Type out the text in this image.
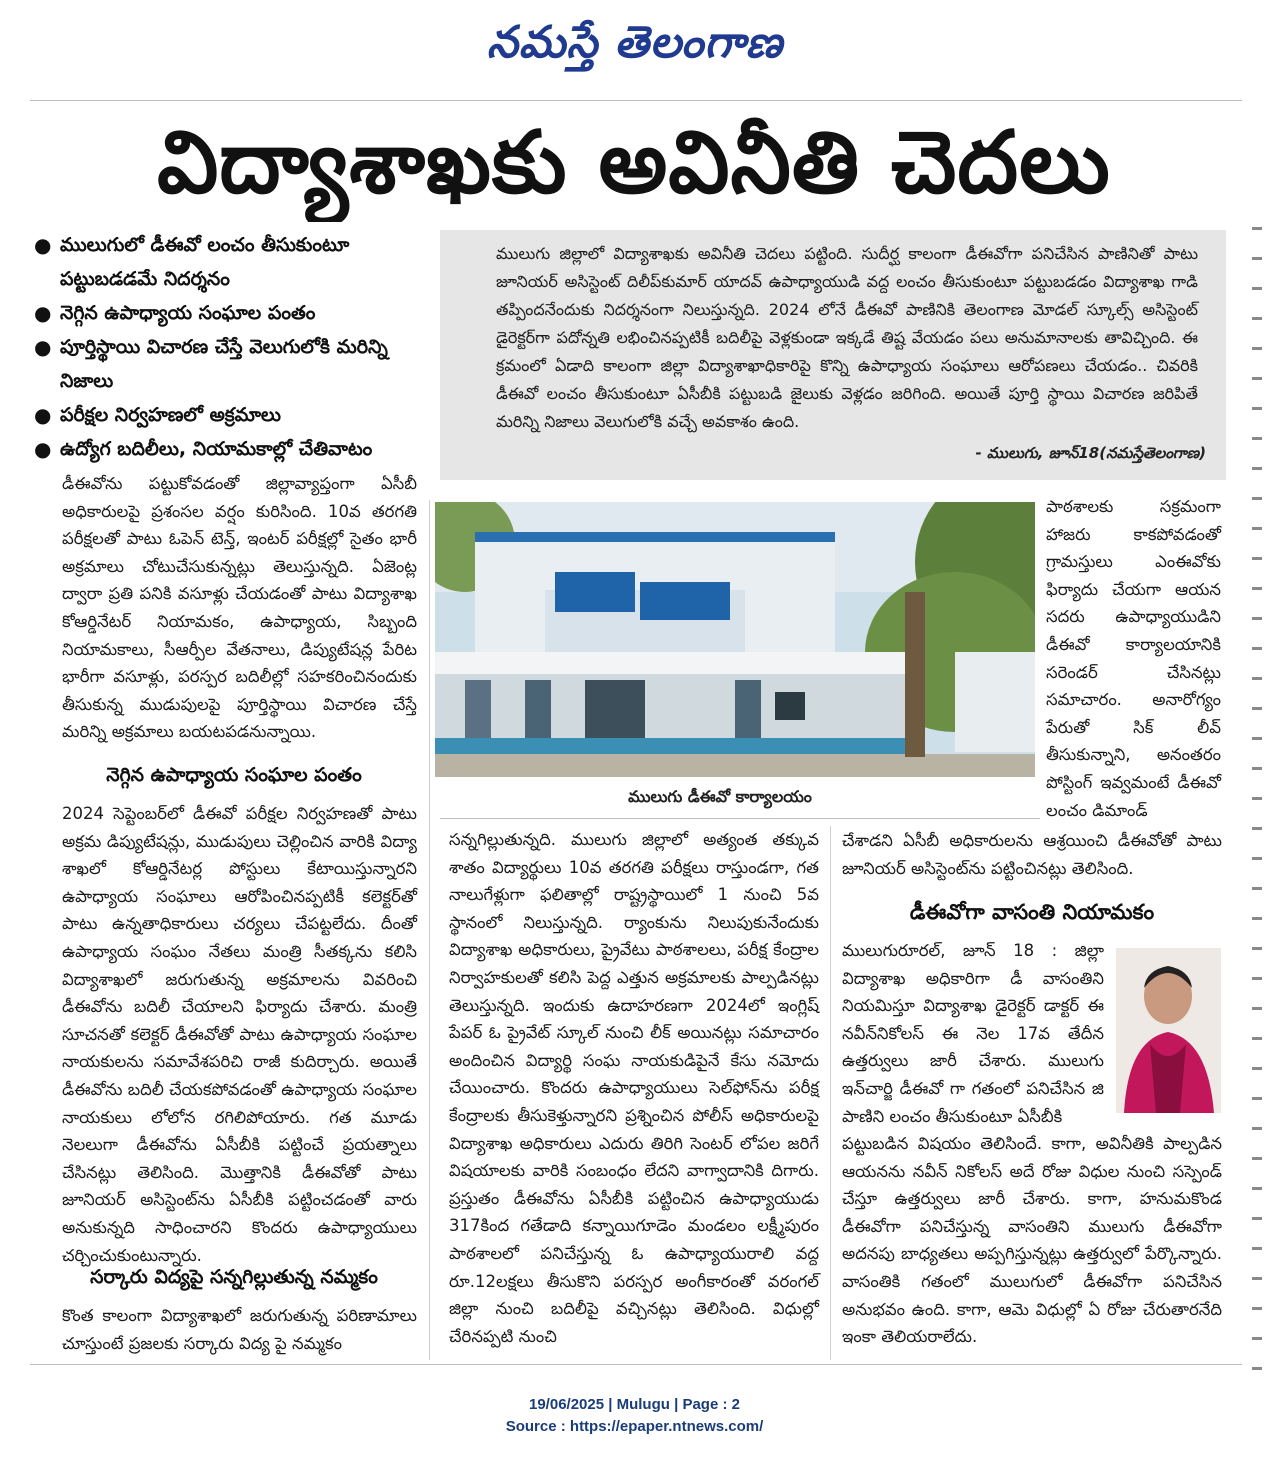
నమస్తే తెలంగాణ
విద్యాశాఖకు అవినీతి చెదలు
● ములుగులో డీఈవో లంచం తీసుకుంటూ పట్టుబడడమే నిదర్శనం
● నెగ్గిన ఉపాధ్యాయ సంఘాల పంతం
● పూర్తిస్థాయి విచారణ చేస్తే వెలుగులోకి మరిన్ని నిజాలు
● పరీక్షల నిర్వహణలో అక్రమాలు
● ఉద్యోగ బదిలీలు, నియామకాల్లో చేతివాటం

డీఈవోను పట్టుకోవడంతో జిల్లావ్యాప్తంగా ఏసీబీ అధికారులపై ప్రశంసల వర్షం కురిసింది. 10వ తరగతి పరీక్షలతో పాటు ఓపెన్ టెన్త్, ఇంటర్ పరీక్షల్లో సైతం భారీ అక్రమాలు చోటుచేసుకున్నట్లు తెలుస్తున్నది. ఏజెంట్ల ద్వారా ప్రతి పనికి వసూళ్లు చేయడంతో పాటు విద్యాశాఖ కోఆర్డినేటర్ నియామకం, ఉపాధ్యాయ, సిబ్బంది నియామకాలు, సీఆర్పీల వేతనాలు, డిప్యుటేషన్ల పేరిట భారీగా వసూళ్లు, పరస్పర బదిలీల్లో సహకరించినందుకు తీసుకున్న ముడుపులపై పూర్తిస్థాయి విచారణ చేస్తే మరిన్ని అక్రమాలు బయటపడనున్నాయి.

నెగ్గిన ఉపాధ్యాయ సంఘాల పంతం

2024 సెప్టెంబర్‌లో డీఈవో పరీక్షల నిర్వహణతో పాటు అక్రమ డిప్యుటేషన్లు, ముడుపులు చెల్లించిన వారికి విద్యా శాఖలో కోఆర్డినేటర్ల పోస్టులు కేటాయిస్తున్నారని ఉపాధ్యాయ సంఘాలు ఆరోపించినప్పటికీ కలెక్టర్‌తో పాటు ఉన్నతాధికారులు చర్యలు చేపట్టలేదు. దీంతో ఉపాధ్యాయ సంఘం నేతలు మంత్రి సీతక్కను కలిసి విద్యాశాఖలో జరుగుతున్న అక్రమాలను వివరించి డీఈవోను బదిలీ చేయాలని ఫిర్యాదు చేశారు. మంత్రి సూచనతో కలెక్టర్ డీఈవోతో పాటు ఉపాధ్యాయ సంఘాల నాయకులను సమావేశపరిచి రాజీ కుదిర్చారు. అయితే డీఈవోను బదిలీ చేయకపోవడంతో ఉపాధ్యాయ సంఘాల నాయకులు లోలోన రగిలిపోయారు. గత మూడు నెలలుగా డీఈవోను ఏసీబీకి పట్టించే ప్రయత్నాలు చేసినట్లు తెలిసింది. మొత్తానికి డీఈవోతో పాటు జూనియర్ అసిస్టెంట్‌ను ఏసీబీకి పట్టించడంతో వారు అనుకున్నది సాధించారని కొందరు ఉపాధ్యాయులు చర్చించుకుంటున్నారు.

సర్కారు విద్యపై సన్నగిల్లుతున్న నమ్మకం

కొంత కాలంగా విద్యాశాఖలో జరుగుతున్న పరిణామాలు చూస్తుంటే ప్రజలకు సర్కారు విద్య పై నమ్మకం

ములుగు జిల్లాలో విద్యాశాఖకు అవినీతి చెదలు పట్టింది. సుదీర్ఘ కాలంగా డీఈవోగా పనిచేసిన పాణినితో పాటు జూనియర్ అసిస్టెంట్ దిలీప్‌కుమార్ యాదవ్ ఉపాధ్యాయుడి వద్ద లంచం తీసుకుంటూ పట్టుబడడం విద్యాశాఖ గాడి తప్పిందనేందుకు నిదర్శనంగా నిలుస్తున్నది. 2024 లోనే డీఈవో పాణినికి తెలంగాణ మోడల్ స్కూల్స్ అసిస్టెంట్ డైరెక్టర్‌గా పదోన్నతి లభించినప్పటికీ బదిలీపై వెళ్లకుండా ఇక్కడే తిష్ట వేయడం పలు అనుమానాలకు తావిచ్చింది. ఈ క్రమంలో ఏడాది కాలంగా జిల్లా విద్యాశాఖాధికారిపై కొన్ని ఉపాధ్యాయ సంఘాలు ఆరోపణలు చేయడం.. చివరికి డీఈవో లంచం తీసుకుంటూ ఏసీబీకి పట్టుబడి జైలుకు వెళ్లడం జరిగింది. అయితే పూర్తి స్థాయి విచారణ జరిపితే మరిన్ని నిజాలు వెలుగులోకి వచ్చే అవకాశం ఉంది.

- ములుగు, జూన్18(నమస్తేతెలంగాణ)
ములుగు డీఈవో కార్యాలయం

సన్నగిల్లుతున్నది. ములుగు జిల్లాలో అత్యంత తక్కువ శాతం విద్యార్థులు 10వ తరగతి పరీక్షలు రాస్తుండగా, గత నాలుగేళ్లుగా ఫలితాల్లో రాష్ట్రస్థాయిలో 1 నుంచి 5వ స్థానంలో నిలుస్తున్నది. ర్యాంకును నిలుపుకునేందుకు విద్యాశాఖ అధికారులు, ప్రైవేటు పాఠశాలలు, పరీక్ష కేంద్రాల నిర్వాహకులతో కలిసి పెద్ద ఎత్తున అక్రమాలకు పాల్పడినట్లు తెలుస్తున్నది. ఇందుకు ఉదాహరణగా 2024లో ఇంగ్లిష్ పేపర్ ఓ ప్రైవేట్ స్కూల్ నుంచి లీక్ అయినట్లు సమాచారం అందించిన విద్యార్థి సంఘ నాయకుడిపైనే కేసు నమోదు చేయించారు. కొందరు ఉపాధ్యాయులు సెల్‌ఫోన్‌ను పరీక్ష కేంద్రాలకు తీసుకెళ్తున్నారని ప్రశ్నించిన పోలీస్ అధికారులపై విద్యాశాఖ అధికారులు ఎదురు తిరిగి సెంటర్ లోపల జరిగే విషయాలకు వారికి సంబంధం లేదని వాగ్వాదానికి దిగారు. ప్రస్తుతం డీఈవోను ఏసీబీకి పట్టించిన ఉపాధ్యాయుడు 317కింద గతేడాది కన్నాయిగూడెం మండలం లక్ష్మీపురం పాఠశాలలో పనిచేస్తున్న ఓ ఉపాధ్యాయురాలి వద్ద రూ.12లక్షలు తీసుకొని పరస్పర అంగీకారంతో వరంగల్ జిల్లా నుంచి బదిలీపై వచ్చినట్లు తెలిసింది. విధుల్లో చేరినప్పటి నుంచి

పాఠశాలకు సక్రమంగా హాజరు కాకపోవడంతో గ్రామస్తులు ఎంఈవోకు ఫిర్యాదు చేయగా ఆయన సదరు ఉపాధ్యాయుడిని డీఈవో కార్యాలయానికి సరెండర్ చేసినట్లు సమాచారం. అనారోగ్యం పేరుతో సిక్ లీవ్ తీసుకున్నాని, అనంతరం పోస్టింగ్ ఇవ్వమంటే డీఈవో లంచం డిమాండ్

చేశాడని ఏసీబీ అధికారులను ఆశ్రయించి డీఈవోతో పాటు జూనియర్ అసిస్టెంట్‌ను పట్టించినట్లు తెలిసింది.

డీఈవోగా వాసంతి నియామకం

ములుగురూరల్, జూన్ 18 : జిల్లా విద్యాశాఖ అధికారిగా డీ వాసంతిని నియమిస్తూ విద్యాశాఖ డైరెక్టర్ డాక్టర్ ఈ నవీన్‌నికోలస్ ఈ నెల 17వ తేదీన ఉత్తర్వులు జారీ చేశారు. ములుగు ఇన్‌చార్జి డీఈవో గా గతంలో పనిచేసిన జి పాణిని లంచం తీసుకుంటూ ఏసీబీకి

పట్టుబడిన విషయం తెలిసిందే. కాగా, అవినీతికి పాల్పడిన ఆయనను నవీన్ నికోలస్ అదే రోజు విధుల నుంచి సస్పెండ్ చేస్తూ ఉత్తర్వులు జారీ చేశారు. కాగా, హనుమకొండ డీఈవోగా పనిచేస్తున్న వాసంతిని ములుగు డీఈవోగా అదనపు బాధ్యతలు అప్పగిస్తున్నట్లు ఉత్తర్వులో పేర్కొన్నారు. వాసంతికి గతంలో ములుగులో డీఈవోగా పనిచేసిన అనుభవం ఉంది. కాగా, ఆమె విధుల్లో ఏ రోజు చేరుతారనేది ఇంకా తెలియరాలేదు.

19/06/2025 | Mulugu | Page : 2
Source : https://epaper.ntnews.com/
